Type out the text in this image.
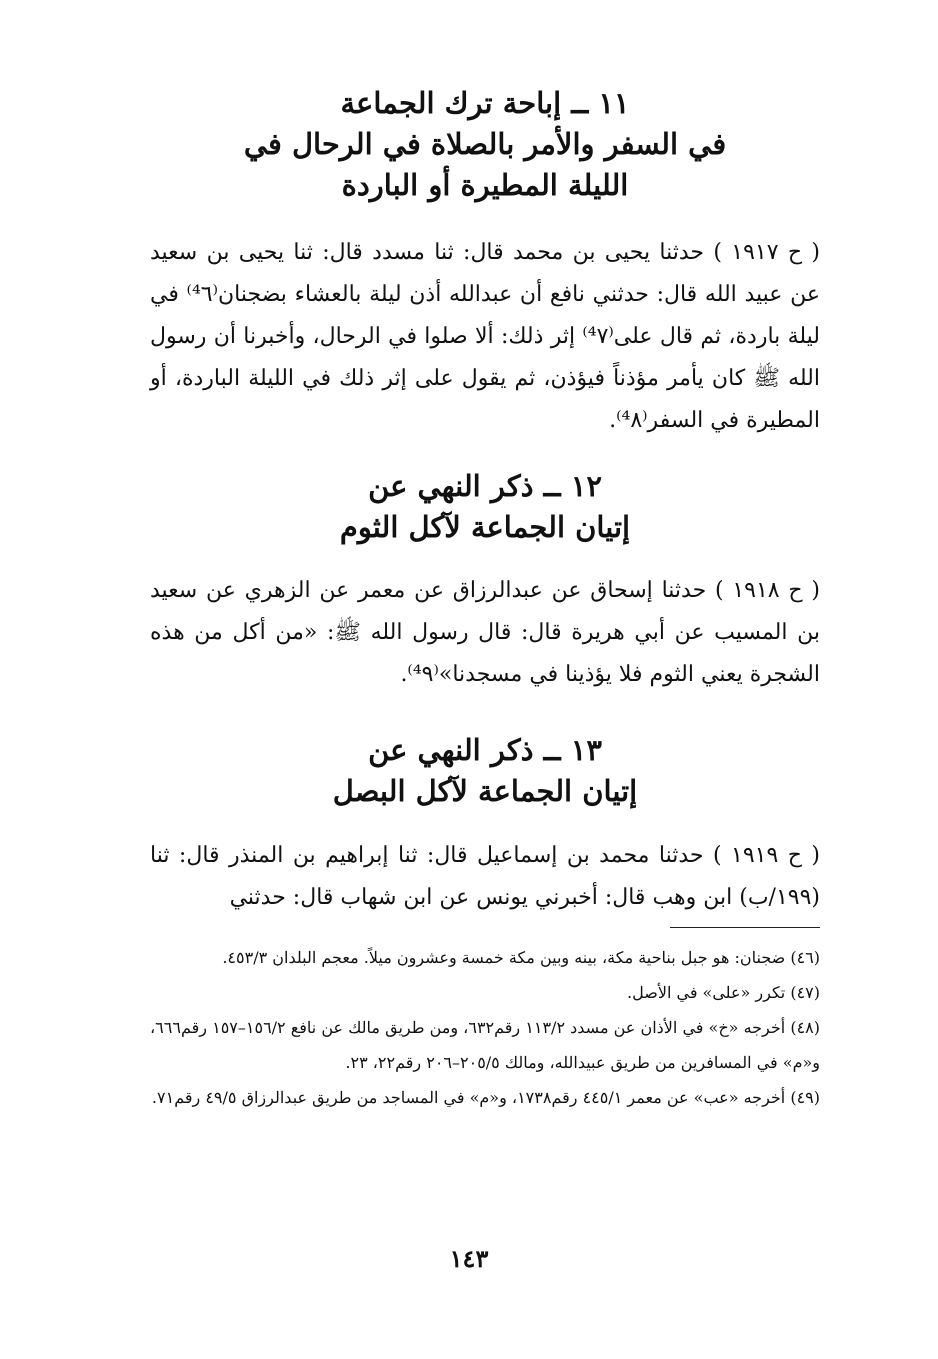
١١ ــ إباحة ترك الجماعة
في السفر والأمر بالصلاة في الرحال في
الليلة المطيرة أو الباردة
( ح ١٩١٧ ) حدثنا يحيى بن محمد قال: ثنا مسدد قال: ثنا يحيى بن سعيد عن عبيد الله قال: حدثني نافع أن عبدالله أذن ليلة بالعشاء بضجنان⁽⁴٦⁾ في ليلة باردة، ثم قال على⁽⁴٧⁾ إثر ذلك: ألا صلوا في الرحال، وأخبرنا أن رسول الله ﷺ كان يأمر مؤذناً فيؤذن، ثم يقول على إثر ذلك في الليلة الباردة، أو المطيرة في السفر⁽⁴٨⁾.
١٢ ــ ذكر النهي عن
إتيان الجماعة لآكل الثوم
( ح ١٩١٨ ) حدثنا إسحاق عن عبدالرزاق عن معمر عن الزهري عن سعيد بن المسيب عن أبي هريرة قال: قال رسول الله ﷺ: «من أكل من هذه الشجرة يعني الثوم فلا يؤذينا في مسجدنا»⁽⁴٩⁾.
١٣ ــ ذكر النهي عن
إتيان الجماعة لآكل البصل
( ح ١٩١٩ ) حدثنا محمد بن إسماعيل قال: ثنا إبراهيم بن المنذر قال: ثنا (١٩٩/ب) ابن وهب قال: أخبرني يونس عن ابن شهاب قال: حدثني

(٤٦) ضجنان: هو جبل بناحية مكة، بينه وبين مكة خمسة وعشرون ميلاً. معجم البلدان ٤٥٣/٣.

(٤٧) تكرر «على» في الأصل.

(٤٨) أخرجه «خ» في الأذان عن مسدد ١١٣/٢ رقم٦٣٢، ومن طريق مالك عن نافع ١٥٦/٢–١٥٧ رقم٦٦٦، و«م» في المسافرين من طريق عبيدالله، ومالك ٢٠٥/٥–٢٠٦ رقم٢٢، ٢٣.

(٤٩) أخرجه «عب» عن معمر ٤٤٥/١ رقم١٧٣٨، و«م» في المساجد من طريق عبدالرزاق ٤٩/٥ رقم٧١.

١٤٣
